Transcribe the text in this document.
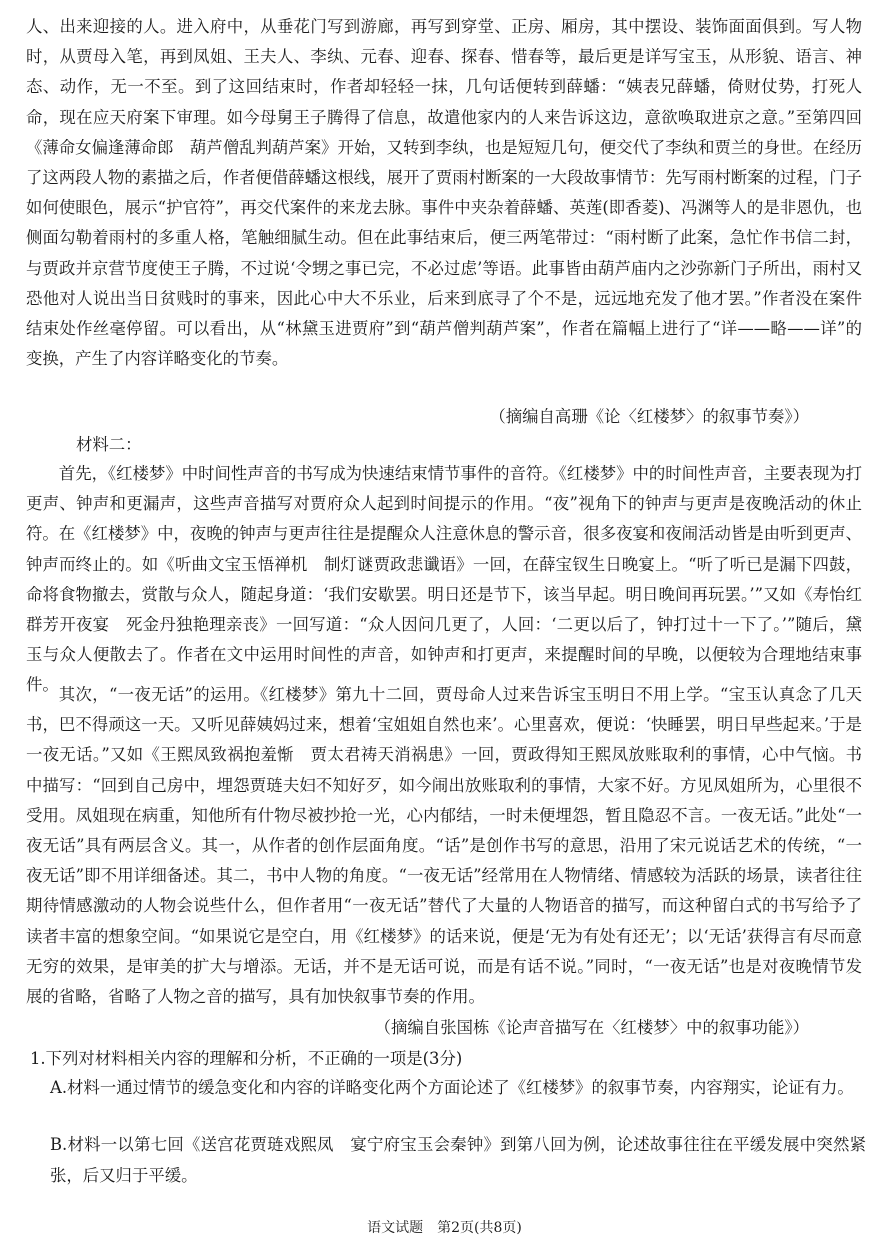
人、出来迎接的人。进入府中，从垂花门写到游廊，再写到穿堂、正房、厢房，其中摆设、装饰面面俱到。写人物时，从贾母入笔，再到凤姐、王夫人、李纨、元春、迎春、探春、惜春等，最后更是详写宝玉，从形貌、语言、神态、动作，无一不至。到了这回结束时，作者却轻轻一抹，几句话便转到薛蟠：“姨表兄薛蟠，倚财仗势，打死人命，现在应天府案下审理。如今母舅王子腾得了信息，故遣他家内的人来告诉这边，意欲唤取进京之意。”至第四回《薄命女偏逢薄命郎　葫芦僧乱判葫芦案》开始，又转到李纨，也是短短几句，便交代了李纨和贾兰的身世。在经历了这两段人物的素描之后，作者便借薛蟠这根线，展开了贾雨村断案的一大段故事情节：先写雨村断案的过程，门子如何使眼色，展示“护官符”，再交代案件的来龙去脉。事件中夹杂着薛蟠、英莲(即香菱)、冯渊等人的是非恩仇，也侧面勾勒着雨村的多重人格，笔触细腻生动。但在此事结束后，便三两笔带过：“雨村断了此案，急忙作书信二封，与贾政并京营节度使王子腾，不过说‘令甥之事已完，不必过虑’等语。此事皆由葫芦庙内之沙弥新门子所出，雨村又恐他对人说出当日贫贱时的事来，因此心中大不乐业，后来到底寻了个不是，远远地充发了他才罢。”作者没在案件结束处作丝毫停留。可以看出，从“林黛玉进贾府”到“葫芦僧判葫芦案”，作者在篇幅上进行了“详——略——详”的变换，产生了内容详略变化的节奏。

（摘编自高珊《论〈红楼梦〉的叙事节奏》）

材料二：

首先，《红楼梦》中时间性声音的书写成为快速结束情节事件的音符。《红楼梦》中的时间性声音，主要表现为打更声、钟声和更漏声，这些声音描写对贾府众人起到时间提示的作用。“夜”视角下的钟声与更声是夜晚活动的休止符。在《红楼梦》中，夜晚的钟声与更声往往是提醒众人注意休息的警示音，很多夜宴和夜闹活动皆是由听到更声、钟声而终止的。如《听曲文宝玉悟禅机　制灯谜贾政悲谶语》一回，在薛宝钗生日晚宴上。“听了听已是漏下四鼓，命将食物撤去，赏散与众人，随起身道：‘我们安歇罢。明日还是节下，该当早起。明日晚间再玩罢。’”又如《寿怡红群芳开夜宴　死金丹独艳理亲丧》一回写道：“众人因问几更了，人回：‘二更以后了，钟打过十一下了。’”随后，黛玉与众人便散去了。作者在文中运用时间性的声音，如钟声和打更声，来提醒时间的早晚，以便较为合理地结束事件。

其次，“一夜无话”的运用。《红楼梦》第九十二回，贾母命人过来告诉宝玉明日不用上学。“宝玉认真念了几天书，巴不得顽这一天。又听见薛姨妈过来，想着‘宝姐姐自然也来’。心里喜欢，便说：‘快睡罢，明日早些起来。’于是一夜无话。”又如《王熙凤致祸抱羞惭　贾太君祷天消祸患》一回，贾政得知王熙凤放账取利的事情，心中气恼。书中描写：“回到自己房中，埋怨贾琏夫妇不知好歹，如今闹出放账取利的事情，大家不好。方见凤姐所为，心里很不受用。凤姐现在病重，知他所有什物尽被抄抢一光，心内郁结，一时未便埋怨，暂且隐忍不言。一夜无话。”此处“一夜无话”具有两层含义。其一，从作者的创作层面角度。“话”是创作书写的意思，沿用了宋元说话艺术的传统，“一夜无话”即不用详细备述。其二，书中人物的角度。“一夜无话”经常用在人物情绪、情感较为活跃的场景，读者往往期待情感激动的人物会说些什么，但作者用“一夜无话”替代了大量的人物语音的描写，而这种留白式的书写给予了读者丰富的想象空间。“如果说它是空白，用《红楼梦》的话来说，便是‘无为有处有还无’；以‘无话’获得言有尽而意无穷的效果，是审美的扩大与增添。无话，并不是无话可说，而是有话不说。”同时，“一夜无话”也是对夜晚情节发展的省略，省略了人物之音的描写，具有加快叙事节奏的作用。

（摘编自张国栋《论声音描写在〈红楼梦〉中的叙事功能》）

1.下列对材料相关内容的理解和分析，不正确的一项是(3分)

A.材料一通过情节的缓急变化和内容的详略变化两个方面论述了《红楼梦》的叙事节奏，内容翔实，论证有力。

B.材料一以第七回《送宫花贾琏戏熙凤　宴宁府宝玉会秦钟》到第八回为例，论述故事往往在平缓发展中突然紧张，后又归于平缓。

语文试题　第2页(共8页)
